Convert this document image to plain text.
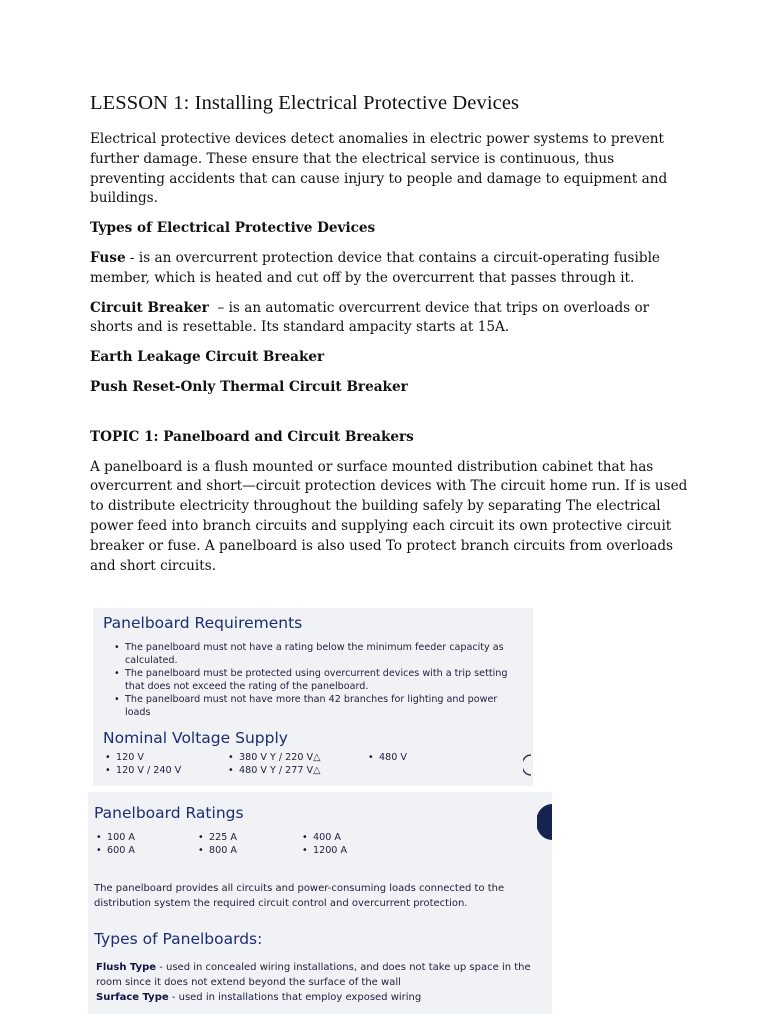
LESSON 1: Installing Electrical Protective Devices

Electrical protective devices detect anomalies in electric power systems to prevent further damage. These ensure that the electrical service is continuous, thus preventing accidents that can cause injury to people and damage to equipment and buildings.

Types of Electrical Protective Devices

Fuse - is an overcurrent protection device that contains a circuit-operating fusible member, which is heated and cut off by the overcurrent that passes through it.

Circuit Breaker  – is an automatic overcurrent device that trips on overloads or shorts and is resettable. Its standard ampacity starts at 15A.

Earth Leakage Circuit Breaker
Push Reset-Only Thermal Circuit Breaker
TOPIC 1: Panelboard and Circuit Breakers

A panelboard is a flush mounted or surface mounted distribution cabinet that has overcurrent and short—circuit protection devices with The circuit home run. If is used to distribute electricity throughout the building safely by separating The electrical power feed into branch circuits and supplying each circuit its own protective circuit breaker or fuse. A panelboard is also used To protect branch circuits from overloads and short circuits.

Panelboard Requirements
• The panelboard must not have a rating below the minimum feeder capacity as calculated.
• The panelboard must be protected using overcurrent devices with a trip setting that does not exceed the rating of the panelboard.
• The panelboard must not have more than 42 branches for lighting and power loads
Nominal Voltage Supply
• 120 V
• 120 V / 240 V
• 380 V Y / 220 V△
• 480 V Y / 277 V△
• 480 V
Panelboard Ratings
• 100 A
• 600 A
• 225 A
• 800 A
• 400 A
• 1200 A

The panelboard provides all circuits and power-consuming loads connected to the distribution system the required circuit control and overcurrent protection.

Types of Panelboards:
Flush Type - used in concealed wiring installations, and does not take up space in the room since it does not extend beyond the surface of the wall
Surface Type - used in installations that employ exposed wiring
